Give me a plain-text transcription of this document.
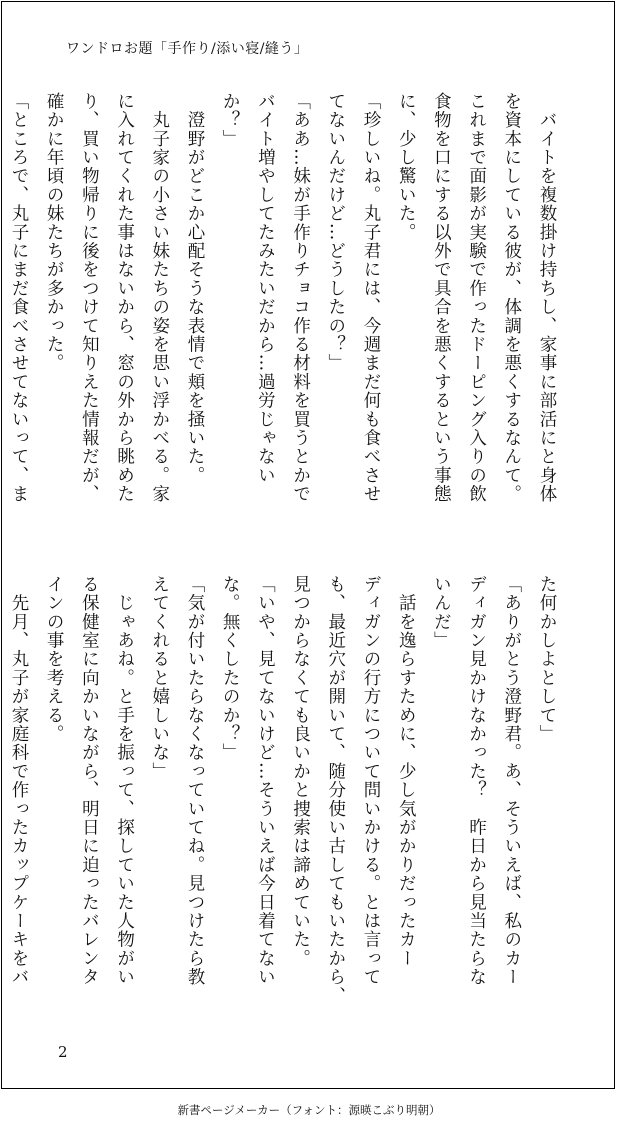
ワンドロお題「手作り/添い寝/縫う」
　バイトを複数掛け持ちし、家事に部活にと身体
を資本にしている彼が、体調を悪くするなんて。
これまで面影が実験で作ったドーピング入りの飲
食物を口にする以外で具合を悪くするという事態
に、少し驚いた。
「珍しいね。丸子君には、今週まだ何も食べさせ
てないんだけど…どうしたの？」
「ああ…妹が手作りチョコ作る材料を買うとかで
バイト増やしてたみたいだから…過労じゃない
か？」
　澄野がどこか心配そうな表情で頬を掻いた。
　丸子家の小さい妹たちの姿を思い浮かべる。家
に入れてくれた事はないから、窓の外から眺めた
り、買い物帰りに後をつけて知りえた情報だが、
確かに年頃の妹たちが多かった。
「ところで、丸子にまだ食べさせてないって、ま
た何かしよとして」
「ありがとう澄野君。あ、そういえば、私のカー
ディガン見かけなかった？　昨日から見当たらな
いんだ」
　話を逸らすために、少し気がかりだったカー
ディガンの行方について問いかける。とは言って
も、最近穴が開いて、随分使い古してもいたから、
見つからなくても良いかと捜索は諦めていた。
「いや、見てないけど…そういえば今日着てない
な。無くしたのか？」
「気が付いたらなくなっていてね。見つけたら教
えてくれると嬉しいな」
　じゃあね。と手を振って、探していた人物がい
る保健室に向かいながら、明日に迫ったバレンタ
インの事を考える。
　先月、丸子が家庭科で作ったカップケーキをバ
2
新書ページメーカー（フォント：源暎こぶり明朝）
